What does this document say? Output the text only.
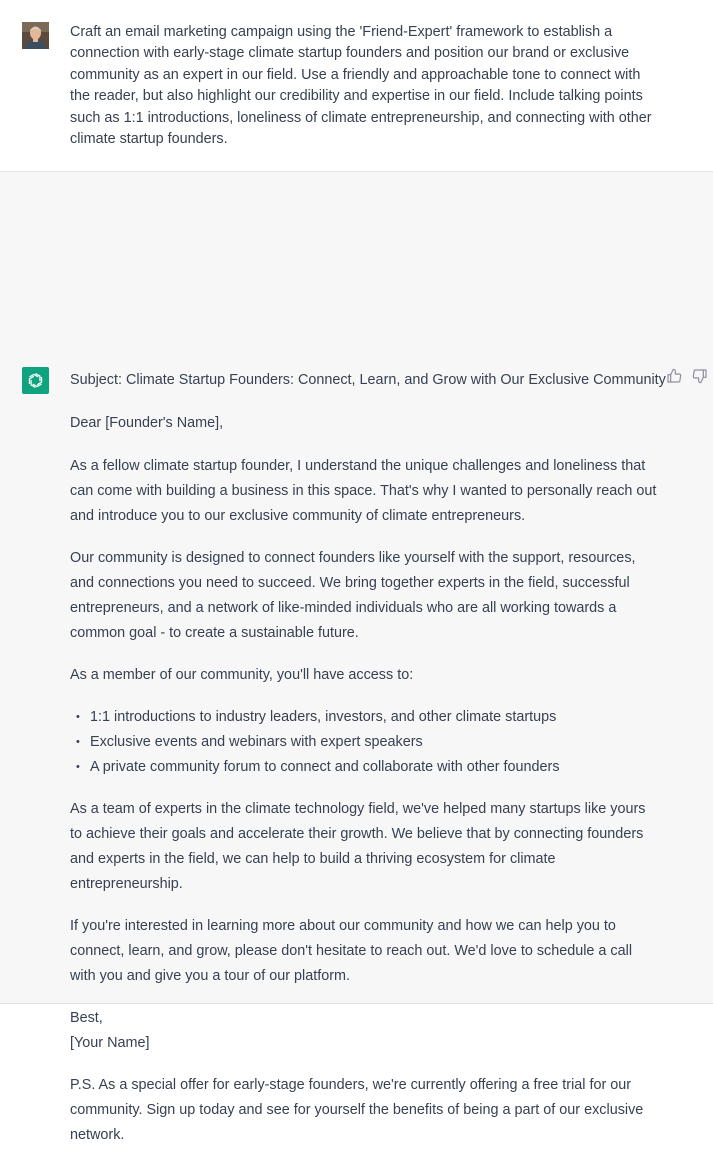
Craft an email marketing campaign using the 'Friend-Expert' framework to establish a connection with early-stage climate startup founders and position our brand or exclusive community as an expert in our field. Use a friendly and approachable tone to connect with the reader, but also highlight our credibility and expertise in our field. Include talking points such as 1:1 introductions, loneliness of climate entrepreneurship, and connecting with other climate startup founders.

Subject: Climate Startup Founders: Connect, Learn, and Grow with Our Exclusive Community

Dear [Founder's Name],

As a fellow climate startup founder, I understand the unique challenges and loneliness that can come with building a business in this space. That's why I wanted to personally reach out and introduce you to our exclusive community of climate entrepreneurs.

Our community is designed to connect founders like yourself with the support, resources, and connections you need to succeed. We bring together experts in the field, successful entrepreneurs, and a network of like-minded individuals who are all working towards a common goal - to create a sustainable future.

As a member of our community, you'll have access to:

• 1:1 introductions to industry leaders, investors, and other climate startups
• Exclusive events and webinars with expert speakers
• A private community forum to connect and collaborate with other founders

As a team of experts in the climate technology field, we've helped many startups like yours to achieve their goals and accelerate their growth. We believe that by connecting founders and experts in the field, we can help to build a thriving ecosystem for climate entrepreneurship.

If you're interested in learning more about our community and how we can help you to connect, learn, and grow, please don't hesitate to reach out. We'd love to schedule a call with you and give you a tour of our platform.

Best,
[Your Name]

P.S. As a special offer for early-stage founders, we're currently offering a free trial for our community. Sign up today and see for yourself the benefits of being a part of our exclusive network.
